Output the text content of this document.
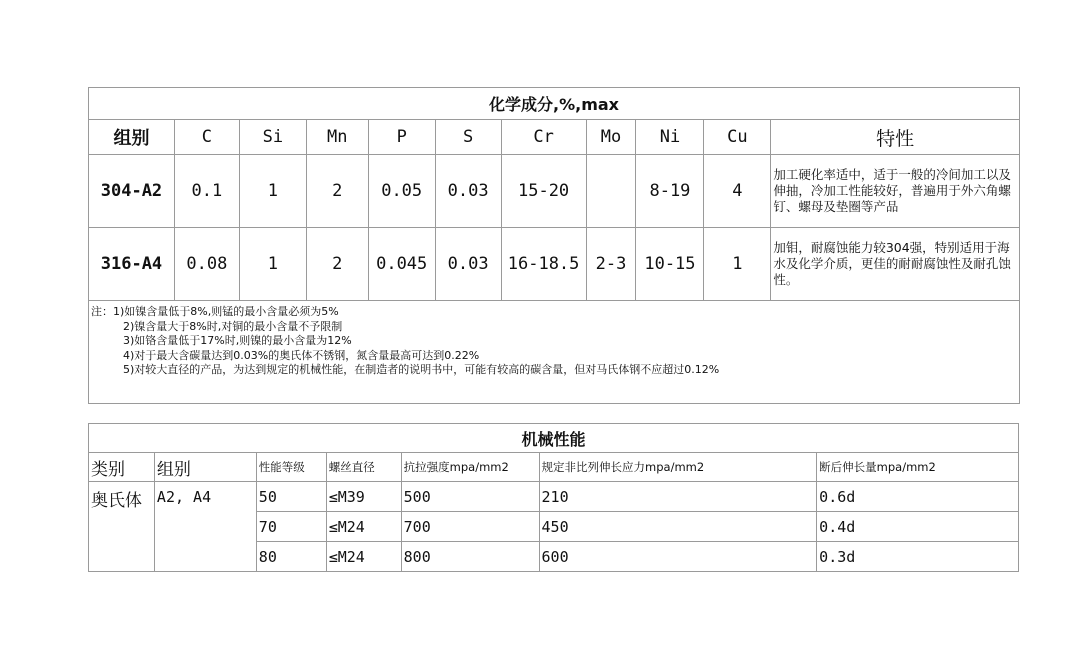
化学成分,%,max										
组别	C	Si	Mn	P	S	Cr	Mo	Ni	Cu	特性
304-A2	0.1	1	2	0.05	0.03	15-20		8-19	4	加工硬化率适中，适于一般的冷间加工以及伸抽，冷加工性能较好，普遍用于外六角螺钉、螺母及垫圈等产品
316-A4	0.08	1	2	0.045	0.03	16-18.5	2-3	10-15	1	加钼，耐腐蚀能力较304强，特别适用于海水及化学介质，更佳的耐耐腐蚀性及耐孔蚀性。

注：1)如镍含量低于8%,则锰的最小含量必须为5%
2)镍含量大于8%时,对铜的最小含量不予限制
3)如铬含量低于17%时,则镍的最小含量为12%
4)对于最大含碳量达到0.03%的奥氏体不锈钢，氮含量最高可达到0.22%
5)对较大直径的产品，为达到规定的机械性能，在制造者的说明书中，可能有较高的碳含量，但对马氏体钢不应超过0.12%										
机械性能						
类别	组别	性能等级	螺丝直径	抗拉强度mpa/mm2	规定非比列伸长应力mpa/mm2	断后伸长量mpa/mm2
奥氏体	A2, A4	50	≤M39	500	210	0.6d
		70	≤M24	700	450	0.4d
		80	≤M24	800	600	0.3d
